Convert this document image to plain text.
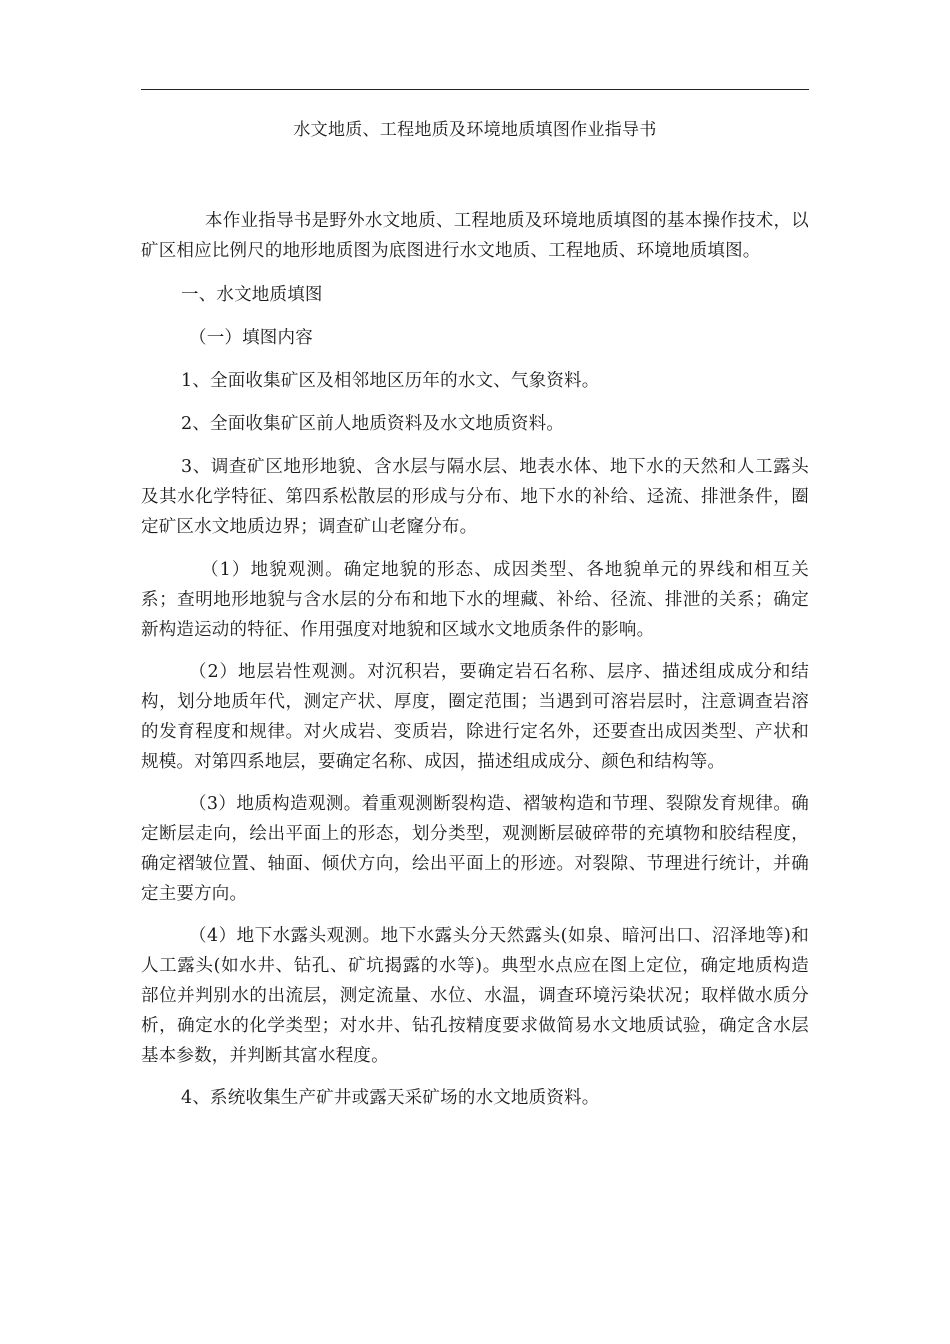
水文地质、工程地质及环境地质填图作业指导书

本作业指导书是野外水文地质、工程地质及环境地质填图的基本操作技术，以矿区相应比例尺的地形地质图为底图进行水文地质、工程地质、环境地质填图。

一、水文地质填图

（一）填图内容

1、全面收集矿区及相邻地区历年的水文、气象资料。

2、全面收集矿区前人地质资料及水文地质资料。

3、调查矿区地形地貌、含水层与隔水层、地表水体、地下水的天然和人工露头及其水化学特征、第四系松散层的形成与分布、地下水的补给、迳流、排泄条件，圈定矿区水文地质边界；调查矿山老窿分布。

（1）地貌观测。确定地貌的形态、成因类型、各地貌单元的界线和相互关系；查明地形地貌与含水层的分布和地下水的埋藏、补给、径流、排泄的关系；确定新构造运动的特征、作用强度对地貌和区域水文地质条件的影响。

（2）地层岩性观测。对沉积岩，要确定岩石名称、层序、描述组成成分和结构，划分地质年代，测定产状、厚度，圈定范围；当遇到可溶岩层时，注意调查岩溶的发育程度和规律。对火成岩、变质岩，除进行定名外，还要查出成因类型、产状和规模。对第四系地层，要确定名称、成因，描述组成成分、颜色和结构等。

（3）地质构造观测。着重观测断裂构造、褶皱构造和节理、裂隙发育规律。确定断层走向，绘出平面上的形态，划分类型，观测断层破碎带的充填物和胶结程度，确定褶皱位置、轴面、倾伏方向，绘出平面上的形迹。对裂隙、节理进行统计，并确定主要方向。

（4）地下水露头观测。地下水露头分天然露头(如泉、暗河出口、沼泽地等)和人工露头(如水井、钻孔、矿坑揭露的水等)。典型水点应在图上定位，确定地质构造部位并判别水的出流层，测定流量、水位、水温，调查环境污染状况；取样做水质分析，确定水的化学类型；对水井、钻孔按精度要求做简易水文地质试验，确定含水层基本参数，并判断其富水程度。

4、系统收集生产矿井或露天采矿场的水文地质资料。
